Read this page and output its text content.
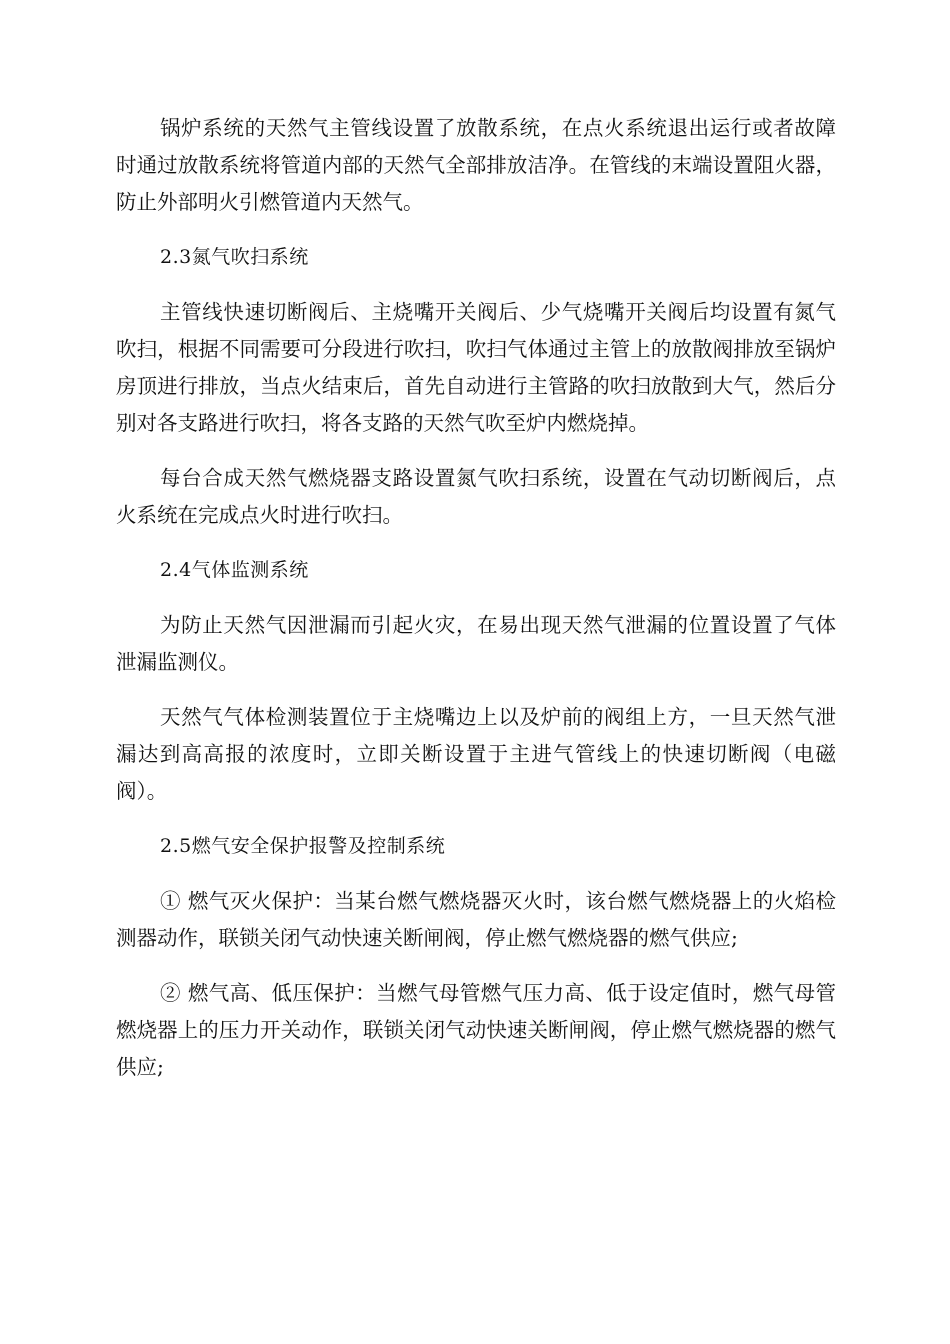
锅炉系统的天然气主管线设置了放散系统，在点火系统退出运行或者故障时通过放散系统将管道内部的天然气全部排放洁净。在管线的末端设置阻火器，防止外部明火引燃管道内天然气。

2.3氮气吹扫系统

主管线快速切断阀后、主烧嘴开关阀后、少气烧嘴开关阀后均设置有氮气吹扫，根据不同需要可分段进行吹扫，吹扫气体通过主管上的放散阀排放至锅炉房顶进行排放，当点火结束后，首先自动进行主管路的吹扫放散到大气，然后分别对各支路进行吹扫，将各支路的天然气吹至炉内燃烧掉。

每台合成天然气燃烧器支路设置氮气吹扫系统，设置在气动切断阀后，点火系统在完成点火时进行吹扫。

2.4气体监测系统

为防止天然气因泄漏而引起火灾，在易出现天然气泄漏的位置设置了气体泄漏监测仪。

天然气气体检测装置位于主烧嘴边上以及炉前的阀组上方，一旦天然气泄漏达到高高报的浓度时，立即关断设置于主进气管线上的快速切断阀（电磁阀）。

2.5燃气安全保护报警及控制系统

① 燃气灭火保护：当某台燃气燃烧器灭火时，该台燃气燃烧器上的火焰检测器动作，联锁关闭气动快速关断闸阀，停止燃气燃烧器的燃气供应;

② 燃气高、低压保护：当燃气母管燃气压力高、低于设定值时，燃气母管燃烧器上的压力开关动作，联锁关闭气动快速关断闸阀，停止燃气燃烧器的燃气供应;
